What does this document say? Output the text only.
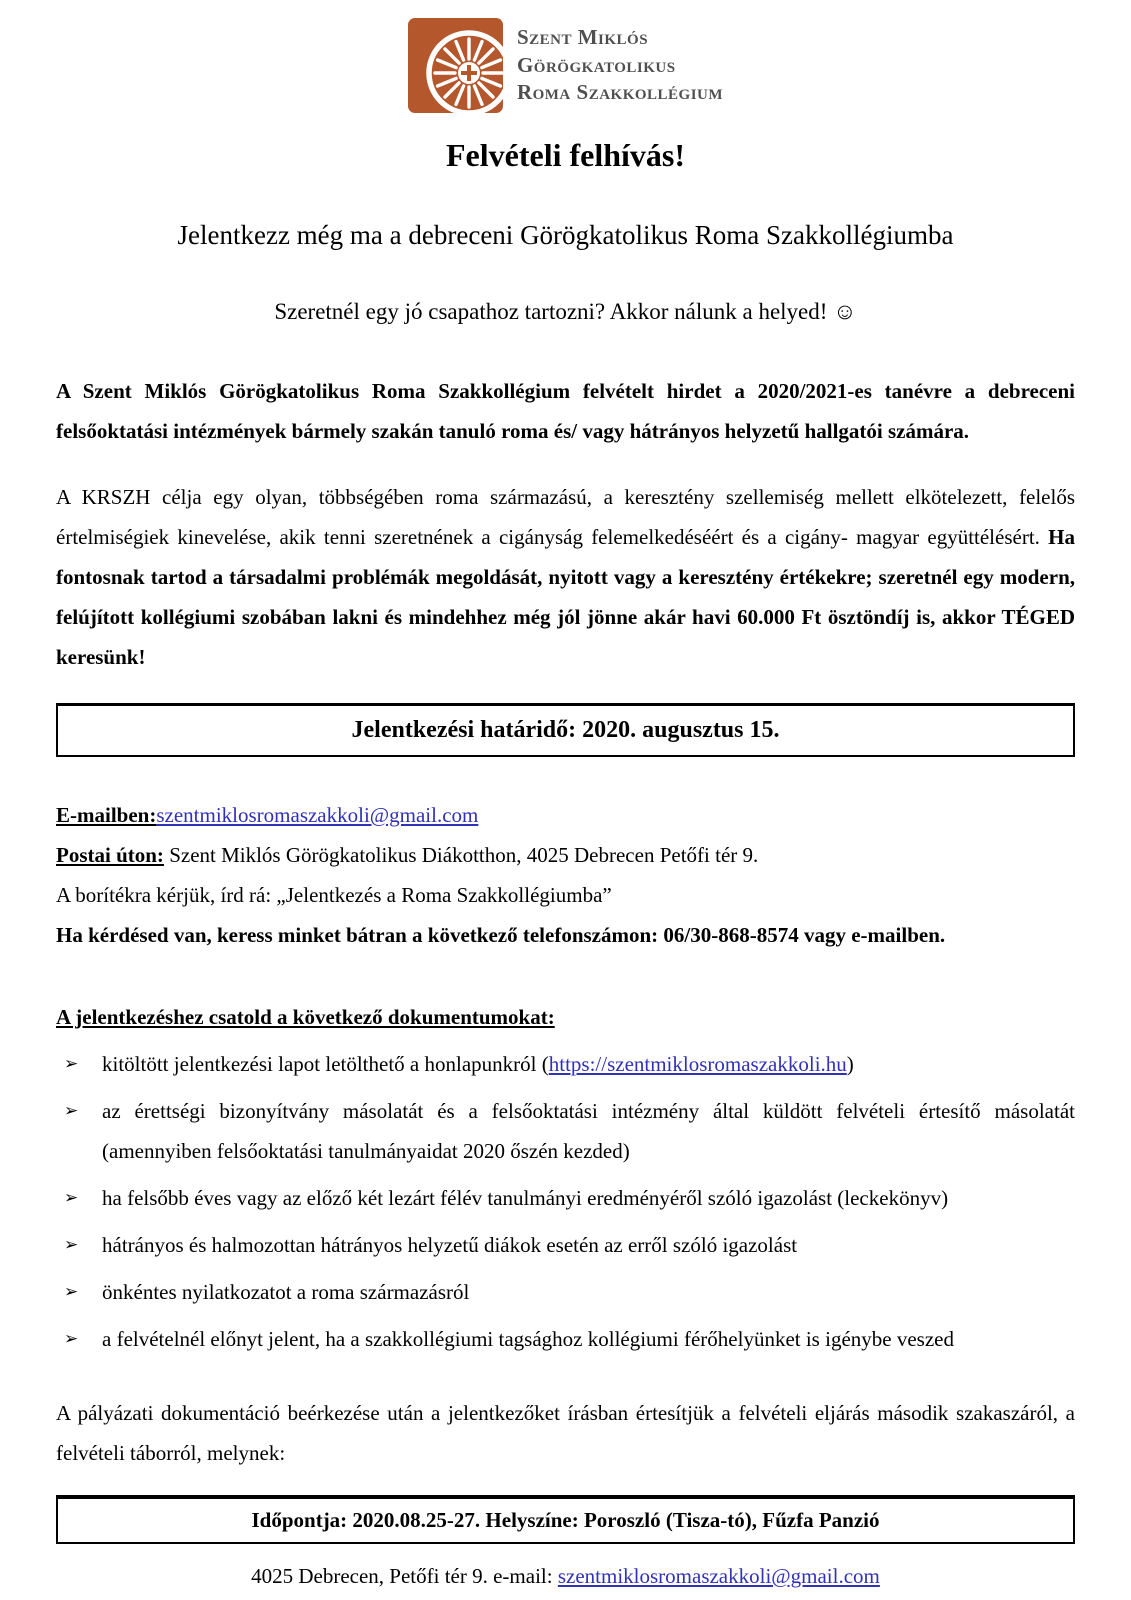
Szent Miklós
Görögkatolikus
Roma Szakkollégium
Felvételi felhívás!
Jelentkezz még ma a debreceni Görögkatolikus Roma Szakkollégiumba
Szeretnél egy jó csapathoz tartozni? Akkor nálunk a helyed! ☺
A Szent Miklós Görögkatolikus Roma Szakkollégium felvételt hirdet a 2020/2021-es tanévre a debreceni felsőoktatási intézmények bármely szakán tanuló roma és/ vagy hátrányos helyzetű hallgatói számára.
A KRSZH célja egy olyan, többségében roma származású, a keresztény szellemiség mellett elkötelezett, felelős értelmiségiek kinevelése, akik tenni szeretnének a cigányság felemelkedéséért és a cigány- magyar együttélésért. Ha fontosnak tartod a társadalmi problémák megoldását, nyitott vagy a keresztény értékekre; szeretnél egy modern, felújított kollégiumi szobában lakni és mindehhez még jól jönne akár havi 60.000 Ft ösztöndíj is, akkor TÉGED keresünk!
Jelentkezési határidő: 2020. augusztus 15.
E-mailben:szentmiklosromaszakkoli@gmail.com
Postai úton: Szent Miklós Görögkatolikus Diákotthon, 4025 Debrecen Petőfi tér 9.
A borítékra kérjük, írd rá: „Jelentkezés a Roma Szakkollégiumba”
Ha kérdésed van, keress minket bátran a következő telefonszámon: 06/30-868-8574 vagy e-mailben.
A jelentkezéshez csatold a következő dokumentumokat:
➢ kitöltött jelentkezési lapot letölthető a honlapunkról (https://szentmiklosromaszakkoli.hu)
➢ az érettségi bizonyítvány másolatát és a felsőoktatási intézmény által küldött felvételi értesítő másolatát (amennyiben felsőoktatási tanulmányaidat 2020 őszén kezded)
➢ ha felsőbb éves vagy az előző két lezárt félév tanulmányi eredményéről szóló igazolást (leckekönyv)
➢ hátrányos és halmozottan hátrányos helyzetű diákok esetén az erről szóló igazolást
➢ önkéntes nyilatkozatot a roma származásról
➢ a felvételnél előnyt jelent, ha a szakkollégiumi tagsághoz kollégiumi férőhelyünket is igénybe veszed
A pályázati dokumentáció beérkezése után a jelentkezőket írásban értesítjük a felvételi eljárás második szakaszáról, a felvételi táborról, melynek:
Időpontja: 2020.08.25-27. Helyszíne: Poroszló (Tisza-tó), Fűzfa Panzió
4025 Debrecen, Petőfi tér 9. e-mail: szentmiklosromaszakkoli@gmail.com
